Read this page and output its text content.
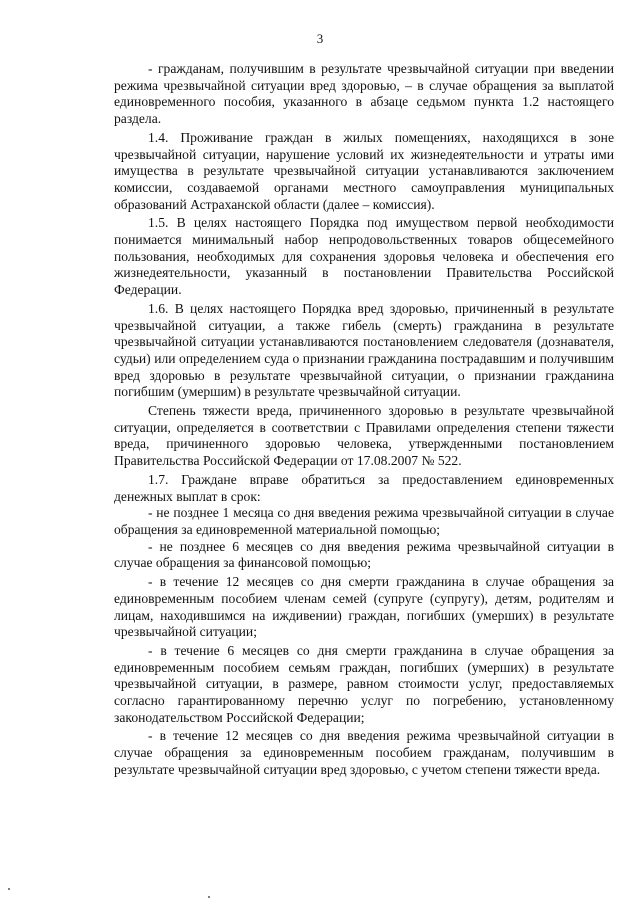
3

- гражданам, получившим в результате чрезвычайной ситуации при введении режима чрезвычайной ситуации вред здоровью, – в случае обращения за выплатой единовременного пособия, указанного в абзаце седьмом пункта 1.2 настоящего раздела.

1.4. Проживание граждан в жилых помещениях, находящихся в зоне чрезвычайной ситуации, нарушение условий их жизнедеятельности и утраты ими имущества в результате чрезвычайной ситуации устанавливаются заключением комиссии, создаваемой органами местного самоуправления муниципальных образований Астраханской области (далее – комиссия).

1.5. В целях настоящего Порядка под имуществом первой необходимости понимается минимальный набор непродовольственных товаров общесемейного пользования, необходимых для сохранения здоровья человека и обеспечения его жизнедеятельности, указанный в постановлении Правительства Российской Федерации.

1.6. В целях настоящего Порядка вред здоровью, причиненный в результате чрезвычайной ситуации, а также гибель (смерть) гражданина в результате чрезвычайной ситуации устанавливаются постановлением следователя (дознавателя, судьи) или определением суда о признании гражданина пострадавшим и получившим вред здоровью в результате чрезвычайной ситуации, о признании гражданина погибшим (умершим) в результате чрезвычайной ситуации.

Степень тяжести вреда, причиненного здоровью в результате чрезвычайной ситуации, определяется в соответствии с Правилами определения степени тяжести вреда, причиненного здоровью человека, утвержденными постановлением Правительства Российской Федерации от 17.08.2007 № 522.

1.7. Граждане вправе обратиться за предоставлением единовременных денежных выплат в срок:

- не позднее 1 месяца со дня введения режима чрезвычайной ситуации в случае обращения за единовременной материальной помощью;

- не позднее 6 месяцев со дня введения режима чрезвычайной ситуации в случае обращения за финансовой помощью;

- в течение 12 месяцев со дня смерти гражданина в случае обращения за единовременным пособием членам семей (супруге (супругу), детям, родителям и лицам, находившимся на иждивении) граждан, погибших (умерших) в результате чрезвычайной ситуации;

- в течение 6 месяцев со дня смерти гражданина в случае обращения за единовременным пособием семьям граждан, погибших (умерших) в результате чрезвычайной ситуации, в размере, равном стоимости услуг, предоставляемых согласно гарантированному перечню услуг по погребению, установленному законодательством Российской Федерации;

- в течение 12 месяцев со дня введения режима чрезвычайной ситуации в случае обращения за единовременным пособием гражданам, получившим в результате чрезвычайной ситуации вред здоровью, с учетом степени тяжести вреда.
